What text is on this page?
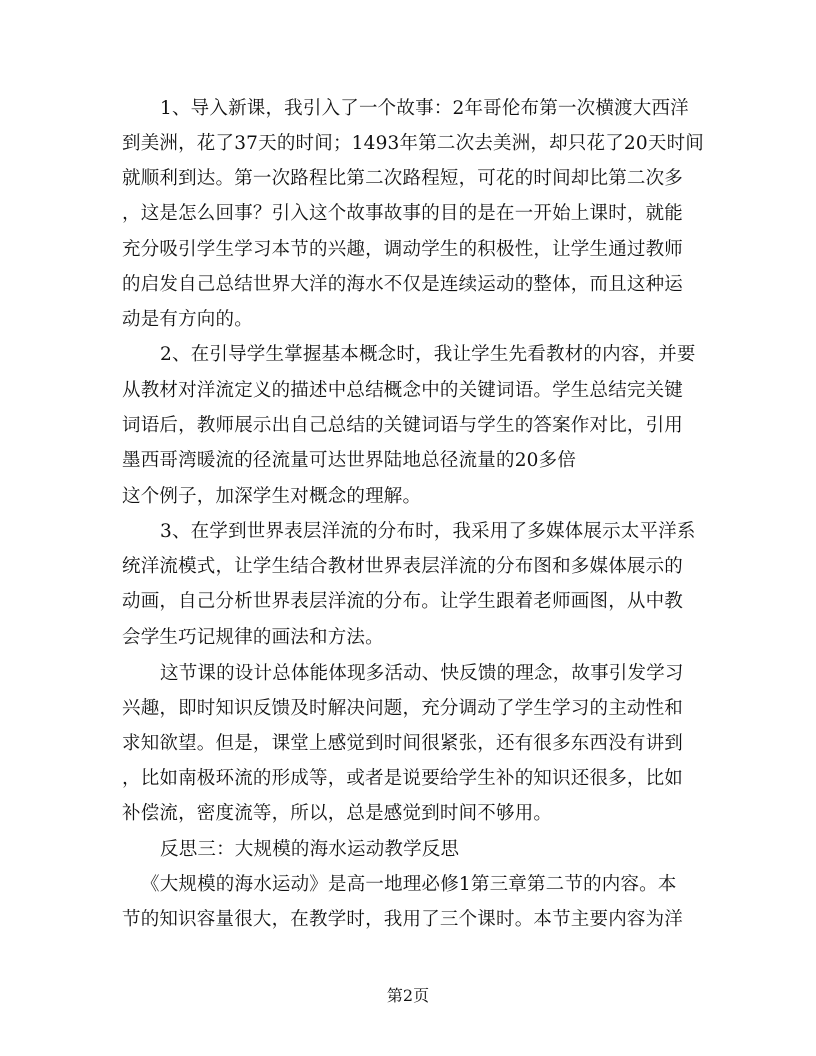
1、导入新课，我引入了一个故事：2年哥伦布第一次横渡大西洋
到美洲，花了37天的时间；1493年第二次去美洲，却只花了20天时间
就顺利到达。第一次路程比第二次路程短，可花的时间却比第二次多
，这是怎么回事？引入这个故事故事的目的是在一开始上课时，就能
充分吸引学生学习本节的兴趣，调动学生的积极性，让学生通过教师
的启发自己总结世界大洋的海水不仅是连续运动的整体，而且这种运
动是有方向的。
2、在引导学生掌握基本概念时，我让学生先看教材的内容，并要
从教材对洋流定义的描述中总结概念中的关键词语。学生总结完关键
词语后，教师展示出自己总结的关键词语与学生的答案作对比，引用
墨西哥湾暖流的径流量可达世界陆地总径流量的20多倍
这个例子，加深学生对概念的理解。
3、在学到世界表层洋流的分布时，我采用了多媒体展示太平洋系
统洋流模式，让学生结合教材世界表层洋流的分布图和多媒体展示的
动画，自己分析世界表层洋流的分布。让学生跟着老师画图，从中教
会学生巧记规律的画法和方法。
这节课的设计总体能体现多活动、快反馈的理念，故事引发学习
兴趣，即时知识反馈及时解决问题，充分调动了学生学习的主动性和
求知欲望。但是，课堂上感觉到时间很紧张，还有很多东西没有讲到
，比如南极环流的形成等，或者是说要给学生补的知识还很多，比如
补偿流，密度流等，所以，总是感觉到时间不够用。
反思三：大规模的海水运动教学反思
《大规模的海水运动》是高一地理必修1第三章第二节的内容。本
节的知识容量很大，在教学时，我用了三个课时。本节主要内容为洋
第2页
